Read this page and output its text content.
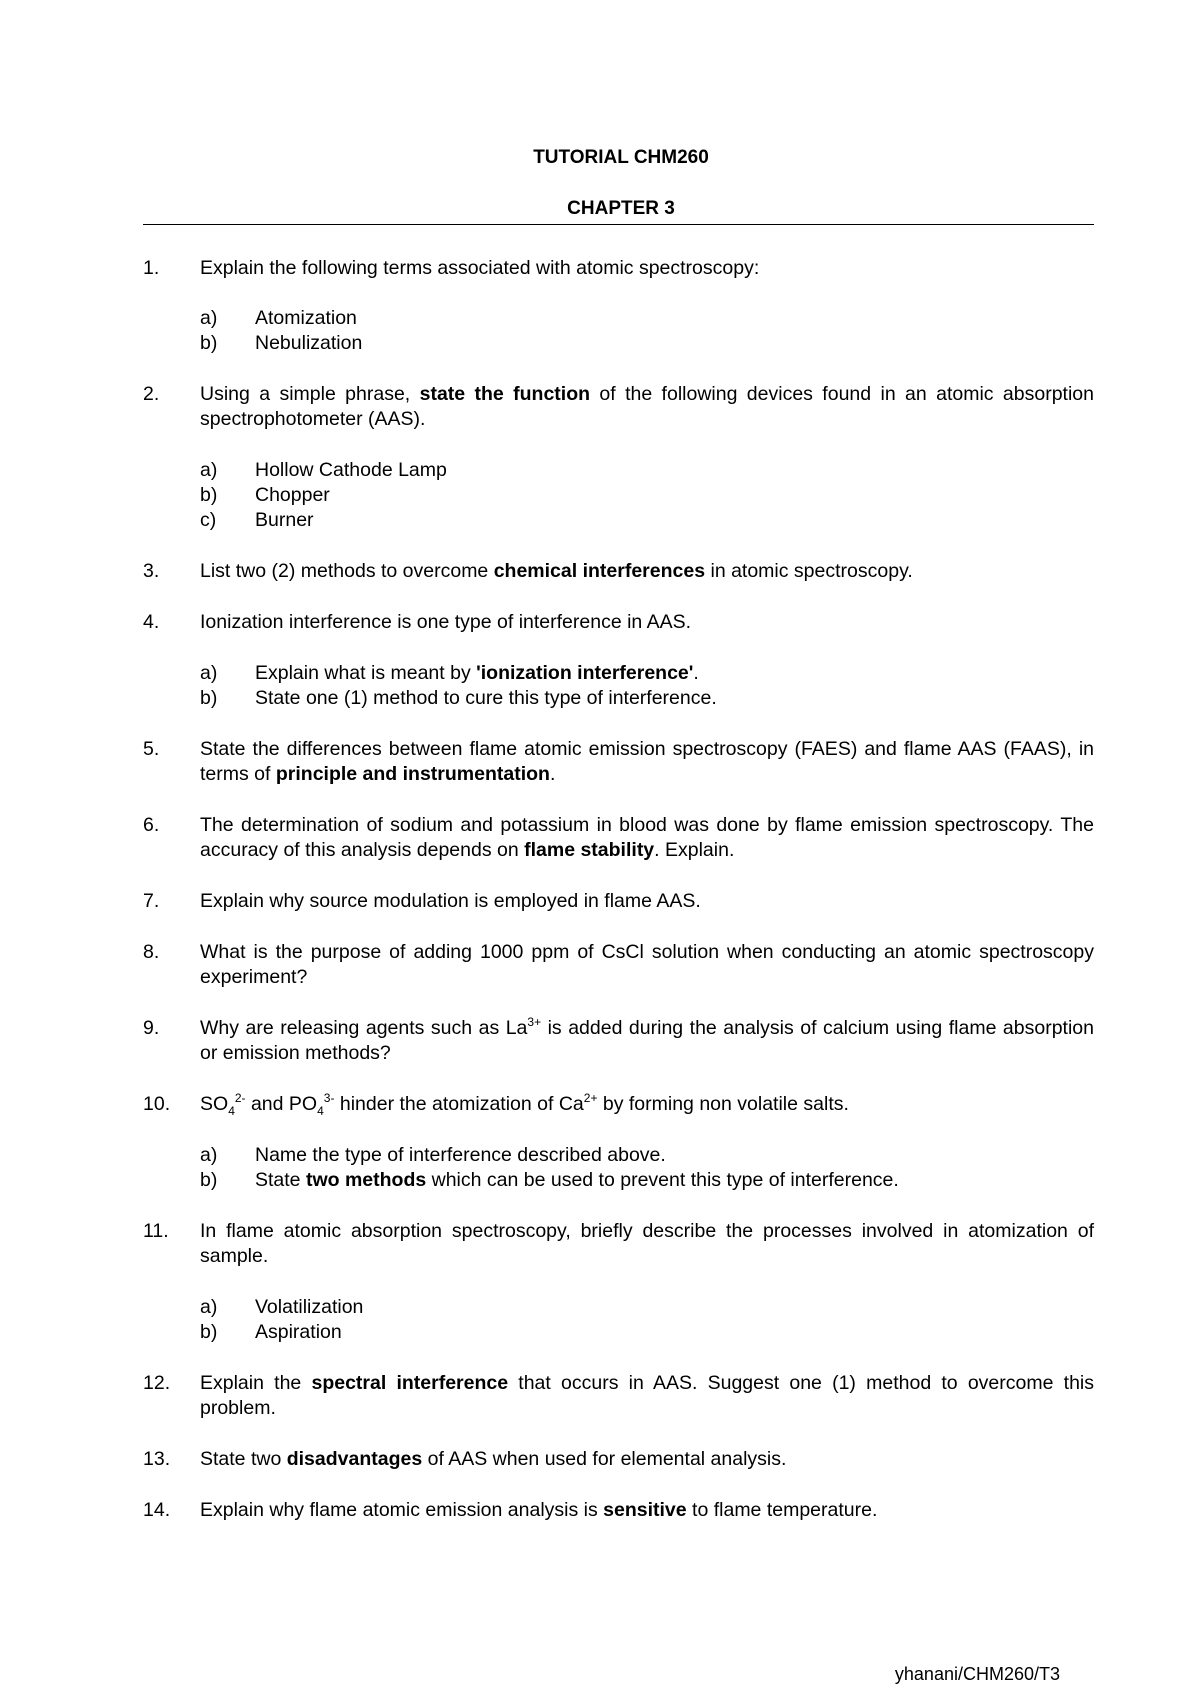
TUTORIAL CHM260
CHAPTER 3
1. Explain the following terms associated with atomic spectroscopy:
a) Atomization
b) Nebulization
2. Using a simple phrase, state the function of the following devices found in an atomic absorption spectrophotometer (AAS).
a) Hollow Cathode Lamp
b) Chopper
c) Burner
3. List two (2) methods to overcome chemical interferences in atomic spectroscopy.
4. Ionization interference is one type of interference in AAS.
a) Explain what is meant by 'ionization interference'.
b) State one (1) method to cure this type of interference.
5. State the differences between flame atomic emission spectroscopy (FAES) and flame AAS (FAAS), in terms of principle and instrumentation.
6. The determination of sodium and potassium in blood was done by flame emission spectroscopy. The accuracy of this analysis depends on flame stability. Explain.
7. Explain why source modulation is employed in flame AAS.
8. What is the purpose of adding 1000 ppm of CsCl solution when conducting an atomic spectroscopy experiment?
9. Why are releasing agents such as $La^{3+}$ is added during the analysis of calcium using flame absorption or emission methods?
10. $SO_4^{2-}$ and $PO_4^{3-}$ hinder the atomization of $Ca^{2+}$ by forming non volatile salts.
a) Name the type of interference described above.
b) State two methods which can be used to prevent this type of interference.
11. In flame atomic absorption spectroscopy, briefly describe the processes involved in atomization of sample.
a) Volatilization
b) Aspiration
12. Explain the spectral interference that occurs in AAS. Suggest one (1) method to overcome this problem.
13. State two disadvantages of AAS when used for elemental analysis.
14. Explain why flame atomic emission analysis is sensitive to flame temperature.
yhanani/CHM260/T3
